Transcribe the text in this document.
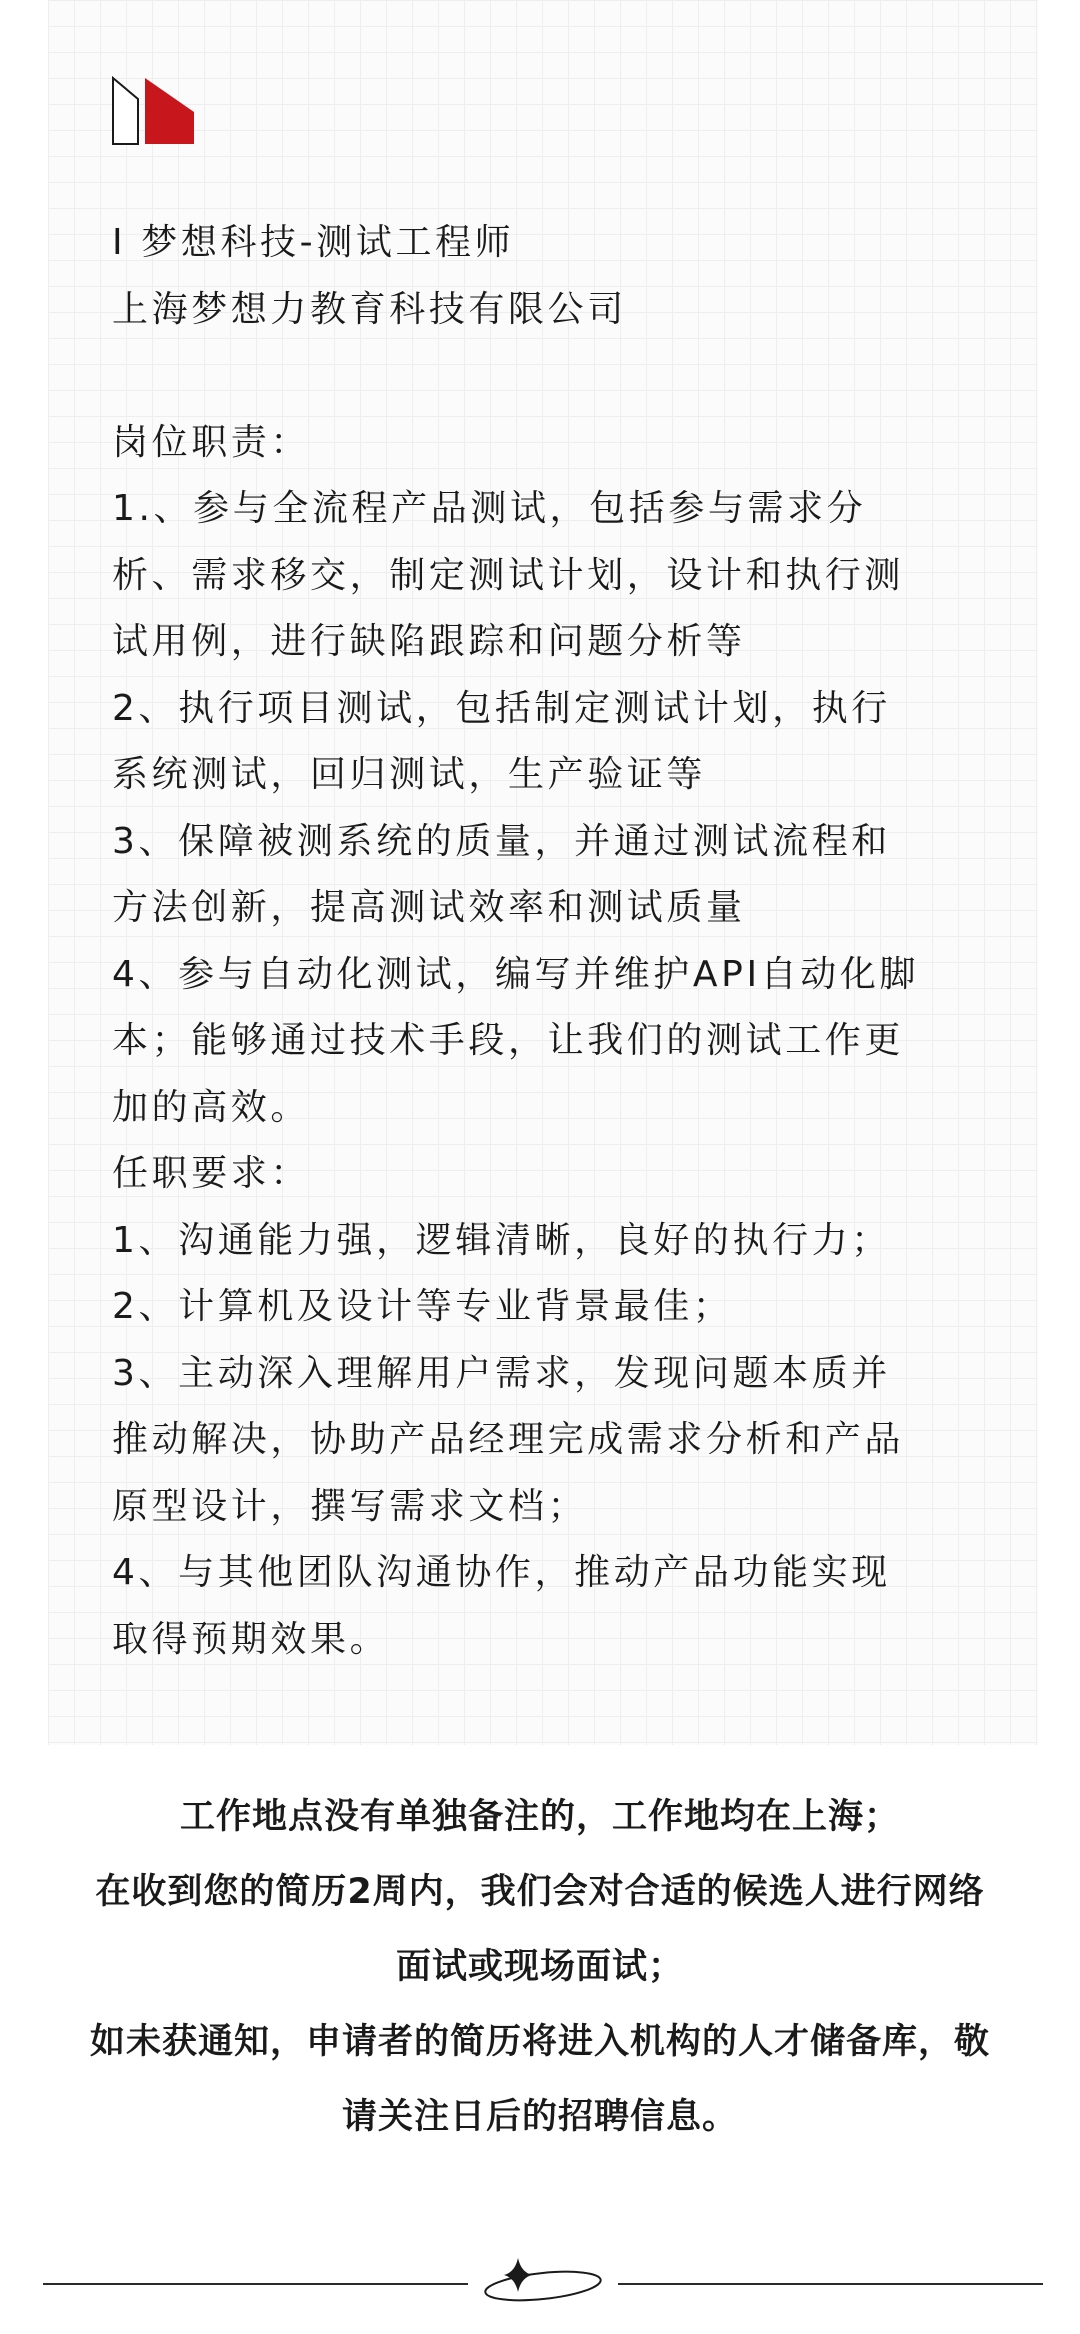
I 梦想科技-测试工程师
上海梦想力教育科技有限公司
岗位职责：
1.、参与全流程产品测试，包括参与需求分
析、需求移交，制定测试计划，设计和执行测
试用例，进行缺陷跟踪和问题分析等
2、执行项目测试，包括制定测试计划，执行
系统测试，回归测试，生产验证等
3、保障被测系统的质量，并通过测试流程和
方法创新，提高测试效率和测试质量
4、参与自动化测试，编写并维护API自动化脚
本；能够通过技术手段，让我们的测试工作更
加的高效。
任职要求：
1、沟通能力强，逻辑清晰，良好的执行力；
2、计算机及设计等专业背景最佳；
3、主动深入理解用户需求，发现问题本质并
推动解决，协助产品经理完成需求分析和产品
原型设计，撰写需求文档；
4、与其他团队沟通协作，推动产品功能实现
取得预期效果。
工作地点没有单独备注的，工作地均在上海；
在收到您的简历2周内，我们会对合适的候选人进行网络
面试或现场面试；
如未获通知，申请者的简历将进入机构的人才储备库，敬
请关注日后的招聘信息。
